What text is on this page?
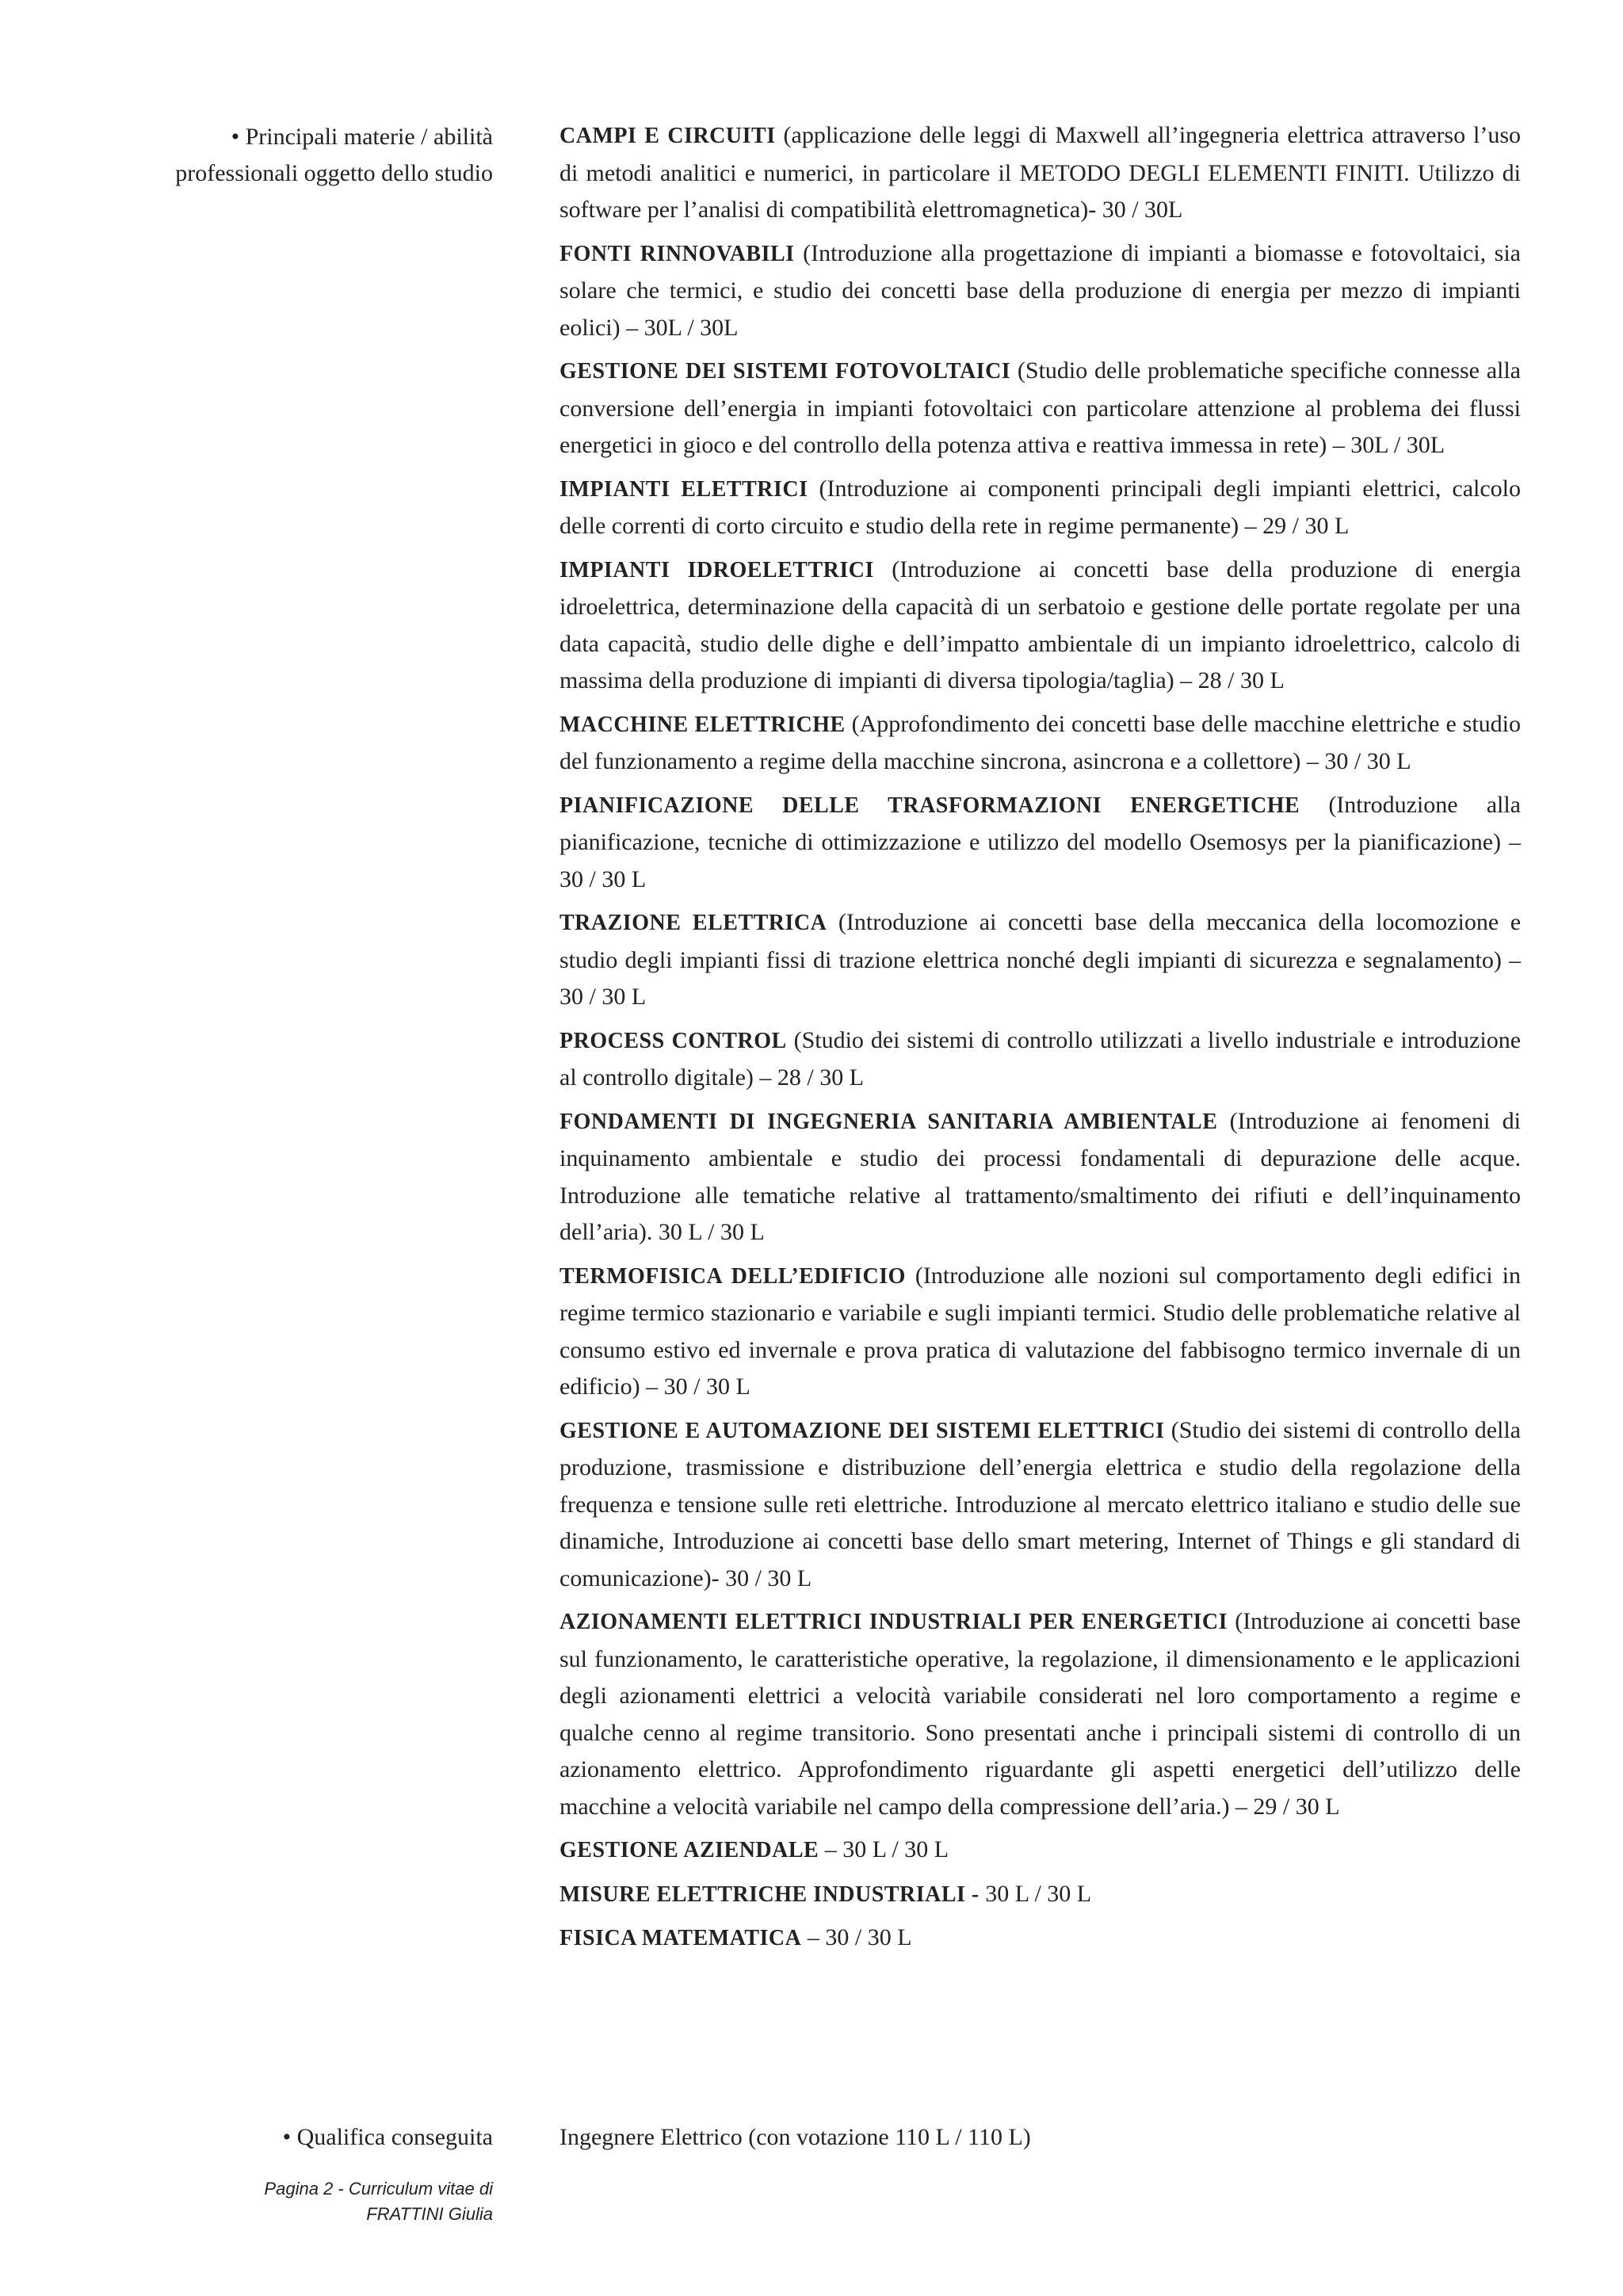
• Principali materie / abilità
professionali oggetto dello studio

CAMPI E CIRCUITI (applicazione delle leggi di Maxwell all’ingegneria elettrica attraverso l’uso di metodi analitici e numerici, in particolare il METODO DEGLI ELEMENTI FINITI. Utilizzo di software per l’analisi di compatibilità elettromagnetica)- 30 / 30L

FONTI RINNOVABILI (Introduzione alla progettazione di impianti a biomasse e fotovoltaici, sia solare che termici, e studio dei concetti base della produzione di energia per mezzo di impianti eolici) – 30L / 30L

GESTIONE DEI SISTEMI FOTOVOLTAICI (Studio delle problematiche specifiche connesse alla conversione dell’energia in impianti fotovoltaici con particolare attenzione al problema dei flussi energetici in gioco e del controllo della potenza attiva e reattiva immessa in rete) – 30L / 30L

IMPIANTI ELETTRICI (Introduzione ai componenti principali degli impianti elettrici, calcolo delle correnti di corto circuito e studio della rete in regime permanente) – 29 / 30 L

IMPIANTI IDROELETTRICI (Introduzione ai concetti base della produzione di energia idroelettrica, determinazione della capacità di un serbatoio e gestione delle portate regolate per una data capacità, studio delle dighe e dell’impatto ambientale di un impianto idroelettrico, calcolo di massima della produzione di impianti di diversa tipologia/taglia) – 28 / 30 L

MACCHINE ELETTRICHE (Approfondimento dei concetti base delle macchine elettriche e studio del funzionamento a regime della macchine sincrona, asincrona e a collettore) – 30 / 30 L

PIANIFICAZIONE DELLE TRASFORMAZIONI ENERGETICHE (Introduzione alla pianificazione, tecniche di ottimizzazione e utilizzo del modello Osemosys per la pianificazione) – 30 / 30 L

TRAZIONE ELETTRICA (Introduzione ai concetti base della meccanica della locomozione e studio degli impianti fissi di trazione elettrica nonché degli impianti di sicurezza e segnalamento) – 30 / 30 L

PROCESS CONTROL (Studio dei sistemi di controllo utilizzati a livello industriale e introduzione al controllo digitale) – 28 / 30 L

FONDAMENTI DI INGEGNERIA SANITARIA AMBIENTALE (Introduzione ai fenomeni di inquinamento ambientale e studio dei processi fondamentali di depurazione delle acque. Introduzione alle tematiche relative al trattamento/smaltimento dei rifiuti e dell’inquinamento dell’aria). 30 L / 30 L

TERMOFISICA DELL’EDIFICIO (Introduzione alle nozioni sul comportamento degli edifici in regime termico stazionario e variabile e sugli impianti termici. Studio delle problematiche relative al consumo estivo ed invernale e prova pratica di valutazione del fabbisogno termico invernale di un edificio) – 30 / 30 L

GESTIONE E AUTOMAZIONE DEI SISTEMI ELETTRICI (Studio dei sistemi di controllo della produzione, trasmissione e distribuzione dell’energia elettrica e studio della regolazione della frequenza e tensione sulle reti elettriche. Introduzione al mercato elettrico italiano e studio delle sue dinamiche, Introduzione ai concetti base dello smart metering, Internet of Things e gli standard di comunicazione)- 30 / 30 L

AZIONAMENTI ELETTRICI INDUSTRIALI PER ENERGETICI (Introduzione ai concetti base sul funzionamento, le caratteristiche operative, la regolazione, il dimensionamento e le applicazioni degli azionamenti elettrici a velocità variabile considerati nel loro comportamento a regime e qualche cenno al regime transitorio. Sono presentati anche i principali sistemi di controllo di un azionamento elettrico. Approfondimento riguardante gli aspetti energetici dell’utilizzo delle macchine a velocità variabile nel campo della compressione dell’aria.) – 29 / 30 L

GESTIONE AZIENDALE – 30 L / 30 L

MISURE ELETTRICHE INDUSTRIALI - 30 L / 30 L

FISICA MATEMATICA – 30 / 30 L

• Qualifica conseguita	Ingegnere Elettrico (con votazione 110 L / 110 L)
Pagina 2 - Curriculum vitae di
FRATTINI Giulia
